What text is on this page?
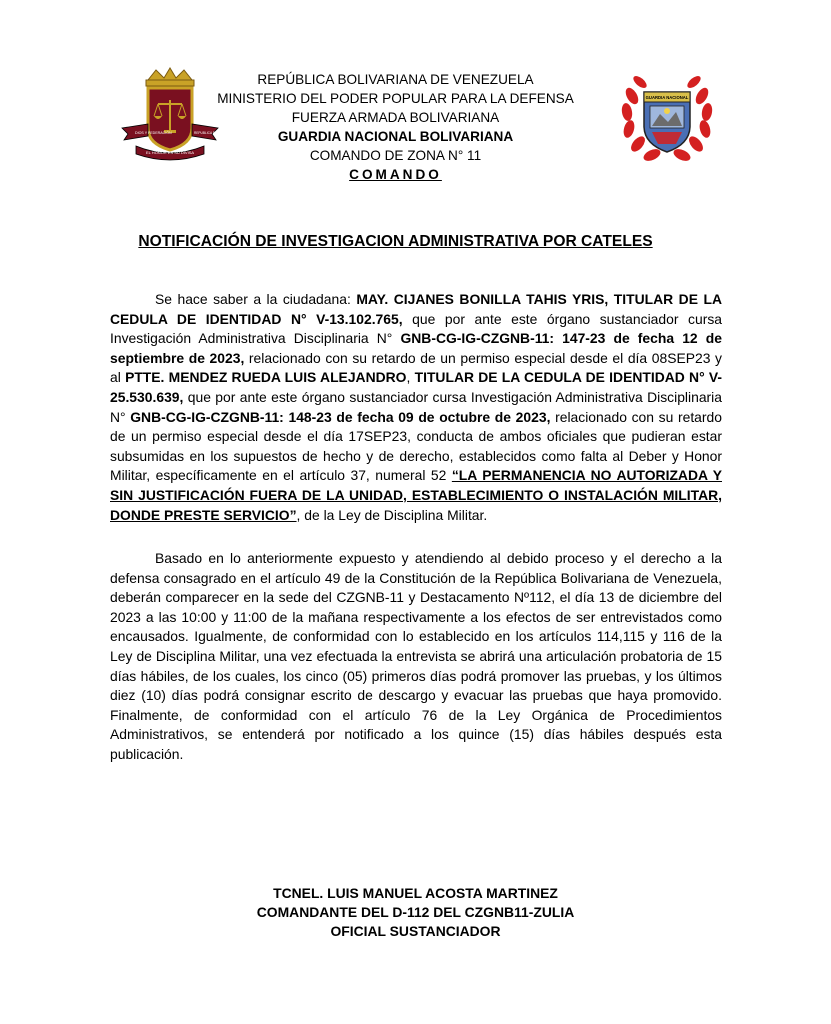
DIOS Y FEDERACIÓN	REPUBLICA BOLIVARIANA
EL HONOR ES SU DIVISA
GUARDIA NACIONAL
REPÚBLICA BOLIVARIANA DE VENEZUELA
MINISTERIO DEL PODER POPULAR PARA LA DEFENSA
FUERZA ARMADA BOLIVARIANA
GUARDIA NACIONAL BOLIVARIANA
COMANDO DE ZONA N° 11
COMANDO
NOTIFICACIÓN DE INVESTIGACION ADMINISTRATIVA POR CATELES

Se hace saber a la ciudadana: MAY. CIJANES BONILLA TAHIS YRIS, TITULAR DE LA CEDULA DE IDENTIDAD N° V-13.102.765, que por ante este órgano sustanciador cursa Investigación Administrativa Disciplinaria N° GNB-CG-IG-CZGNB-11: 147-23 de fecha 12 de septiembre de 2023, relacionado con su retardo de un permiso especial desde el día 08SEP23 y al PTTE. MENDEZ RUEDA LUIS ALEJANDRO, TITULAR DE LA CEDULA DE IDENTIDAD N° V-25.530.639, que por ante este órgano sustanciador cursa Investigación Administrativa Disciplinaria N° GNB-CG-IG-CZGNB-11: 148-23 de fecha 09 de octubre de 2023, relacionado con su retardo de un permiso especial desde el día 17SEP23, conducta de ambos oficiales que pudieran estar subsumidas en los supuestos de hecho y de derecho, establecidos como falta al Deber y Honor Militar, específicamente en el artículo 37, numeral 52 “LA PERMANENCIA NO AUTORIZADA Y SIN JUSTIFICACIÓN FUERA DE LA UNIDAD, ESTABLECIMIENTO O INSTALACIÓN MILITAR, DONDE PRESTE SERVICIO”, de la Ley de Disciplina Militar.

Basado en lo anteriormente expuesto y atendiendo al debido proceso y el derecho a la defensa consagrado en el artículo 49 de la Constitución de la República Bolivariana de Venezuela, deberán comparecer en la sede del CZGNB-11 y Destacamento Nº112, el día 13 de diciembre del 2023 a las 10:00 y 11:00 de la mañana respectivamente a los efectos de ser entrevistados como encausados. Igualmente, de conformidad con lo establecido en los artículos 114,115 y 116 de la Ley de Disciplina Militar, una vez efectuada la entrevista se abrirá una articulación probatoria de 15 días hábiles, de los cuales, los cinco (05) primeros días podrá promover las pruebas, y los últimos diez (10) días podrá consignar escrito de descargo y evacuar las pruebas que haya promovido. Finalmente, de conformidad con el artículo 76 de la Ley Orgánica de Procedimientos Administrativos, se entenderá por notificado a los quince (15) días hábiles después esta publicación.

TCNEL. LUIS MANUEL ACOSTA MARTINEZ
COMANDANTE DEL D-112 DEL CZGNB11-ZULIA
OFICIAL SUSTANCIADOR
